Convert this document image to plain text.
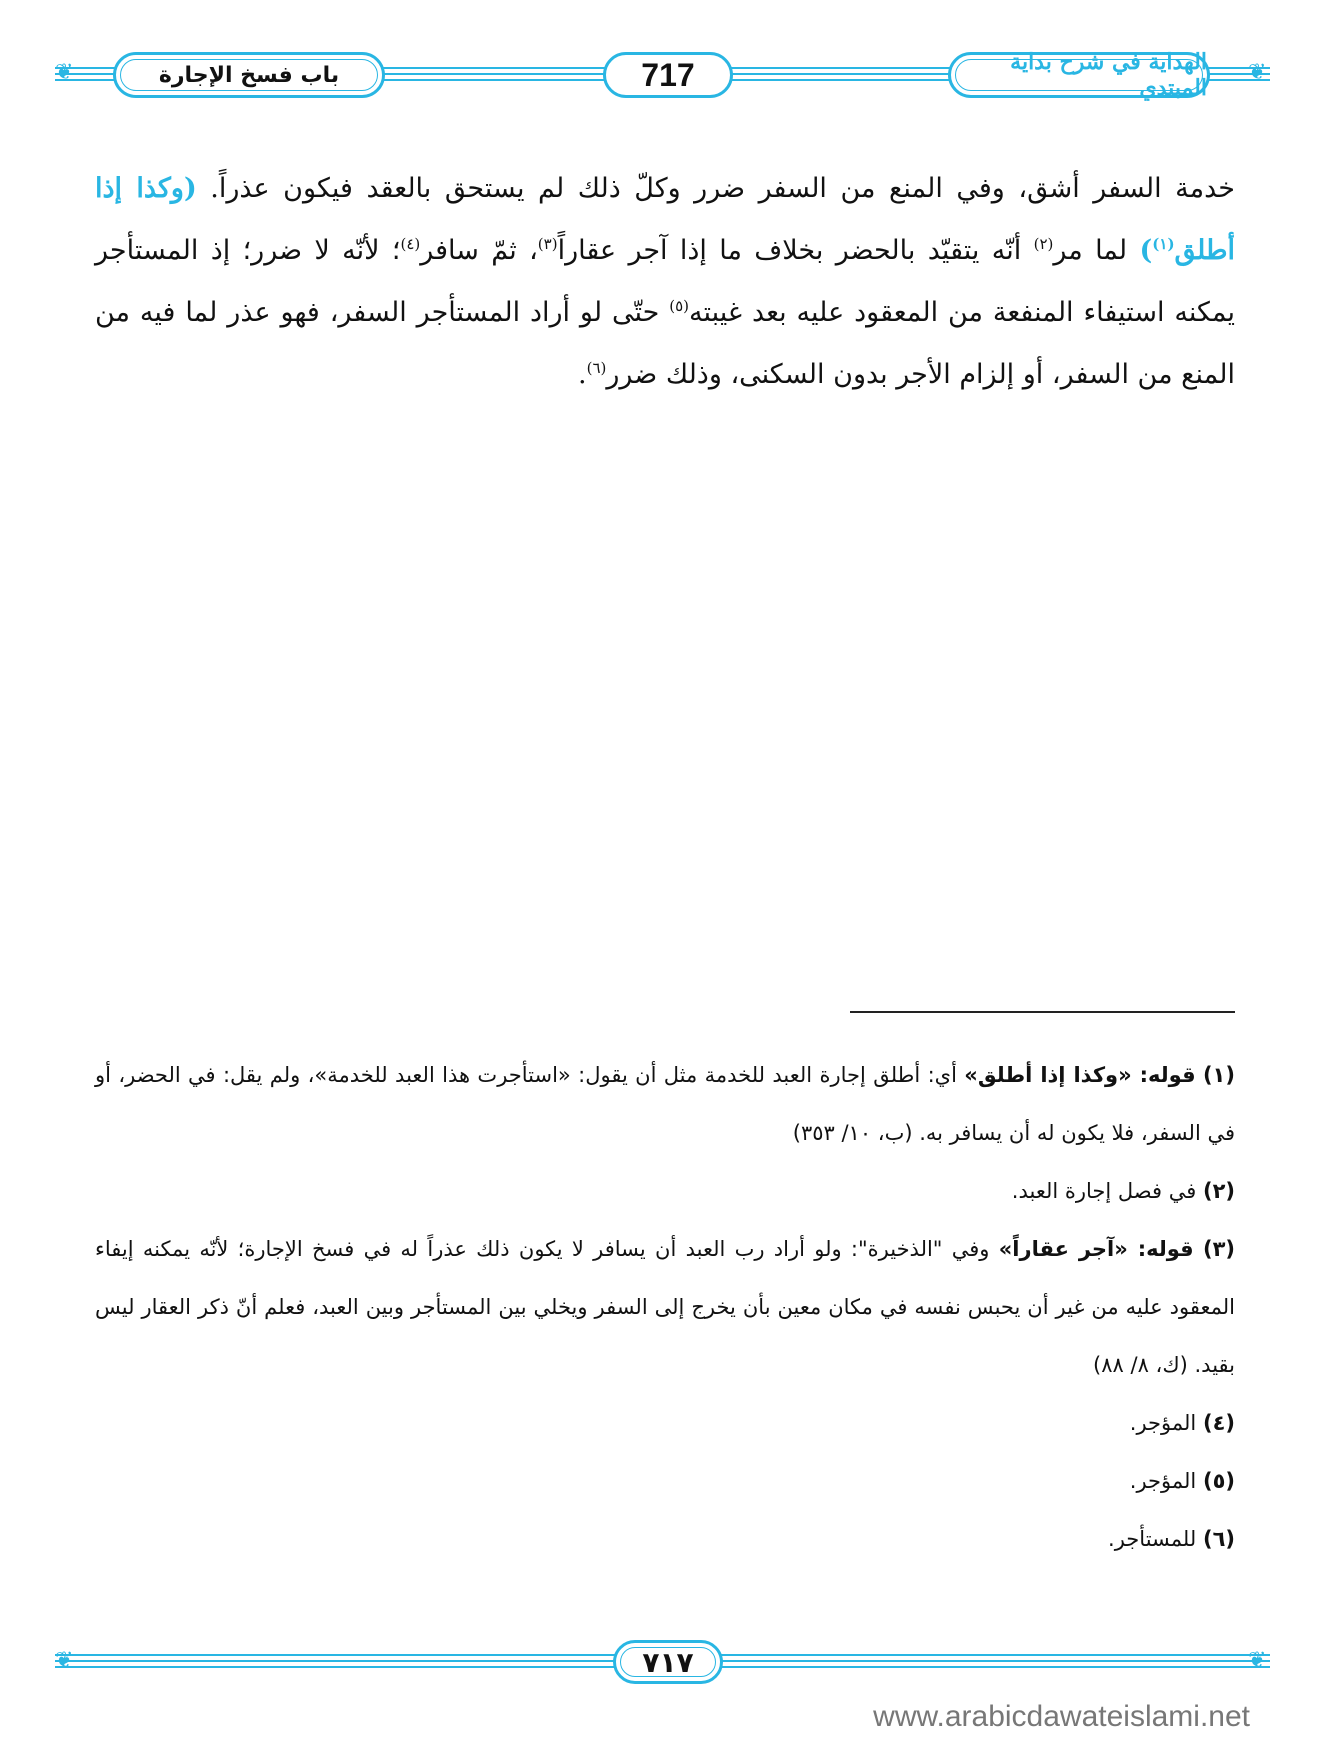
❦	❦
باب فسخ الإجارة	717	الهداية في شرح بداية المبتدي
خدمة السفر أشق، وفي المنع من السفر ضرر وكلّ ذلك لم يستحق بالعقد فيكون عذراً. (وكذا إذا أطلق$^{(١)}$) لما مر$^{(٢)}$ أنّه يتقيّد بالحضر بخلاف ما إذا آجر عقاراً$^{(٣)}$، ثمّ سافر$^{(٤)}$؛ لأنّه لا ضرر؛ إذ المستأجر يمكنه استيفاء المنفعة من المعقود عليه بعد غيبته$^{(٥)}$ حتّى لو أراد المستأجر السفر، فهو عذر لما فيه من المنع من السفر، أو إلزام الأجر بدون السكنى، وذلك ضرر$^{(٦)}$.
(١) قوله: «وكذا إذا أطلق» أي: أطلق إجارة العبد للخدمة مثل أن يقول: «استأجرت هذا العبد للخدمة»، ولم يقل: في الحضر، أو في السفر، فلا يكون له أن يسافر به. (ب، ١٠/ ٣٥٣)
(٢) في فصل إجارة العبد.
(٣) قوله: «آجر عقاراً» وفي "الذخيرة": ولو أراد رب العبد أن يسافر لا يكون ذلك عذراً له في فسخ الإجارة؛ لأنّه يمكنه إيفاء المعقود عليه من غير أن يحبس نفسه في مكان معين بأن يخرج إلى السفر ويخلي بين المستأجر وبين العبد، فعلم أنّ ذكر العقار ليس بقيد. (ك، ٨/ ٨٨)
(٤) المؤجر.
(٥) المؤجر.
(٦) للمستأجر.
❦	❦
٧١٧
www.arabicdawateislami.net
